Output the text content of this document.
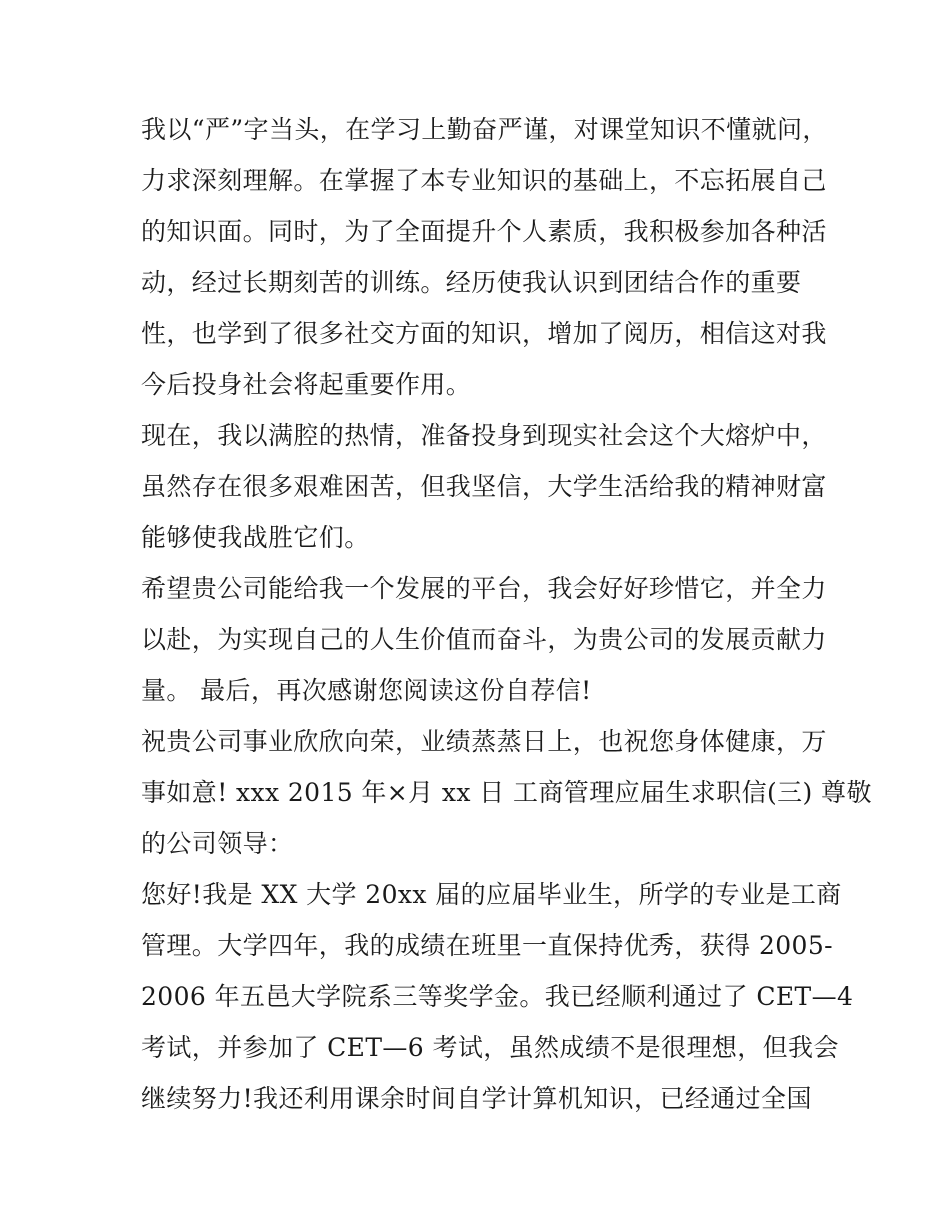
我以“严”字当头，在学习上勤奋严谨，对课堂知识不懂就问，
力求深刻理解。在掌握了本专业知识的基础上，不忘拓展自己
的知识面。同时，为了全面提升个人素质，我积极参加各种活
动，经过长期刻苦的训练。经历使我认识到团结合作的重要
性，也学到了很多社交方面的知识，增加了阅历，相信这对我
今后投身社会将起重要作用。
现在，我以满腔的热情，准备投身到现实社会这个大熔炉中，
虽然存在很多艰难困苦，但我坚信，大学生活给我的精神财富
能够使我战胜它们。
希望贵公司能给我一个发展的平台，我会好好珍惜它，并全力
以赴，为实现自己的人生价值而奋斗，为贵公司的发展贡献力
量。 最后，再次感谢您阅读这份自荐信!
祝贵公司事业欣欣向荣，业绩蒸蒸日上，也祝您身体健康，万
事如意! xxx 2015 年×月 xx 日 工商管理应届生求职信(三) 尊敬
的公司领导：
您好!我是 XX 大学 20xx 届的应届毕业生，所学的专业是工商
管理。大学四年，我的成绩在班里一直保持优秀，获得 2005-
2006 年五邑大学院系三等奖学金。我已经顺利通过了 CET—4
考试，并参加了 CET—6 考试，虽然成绩不是很理想，但我会
继续努力!我还利用课余时间自学计算机知识，已经通过全国
